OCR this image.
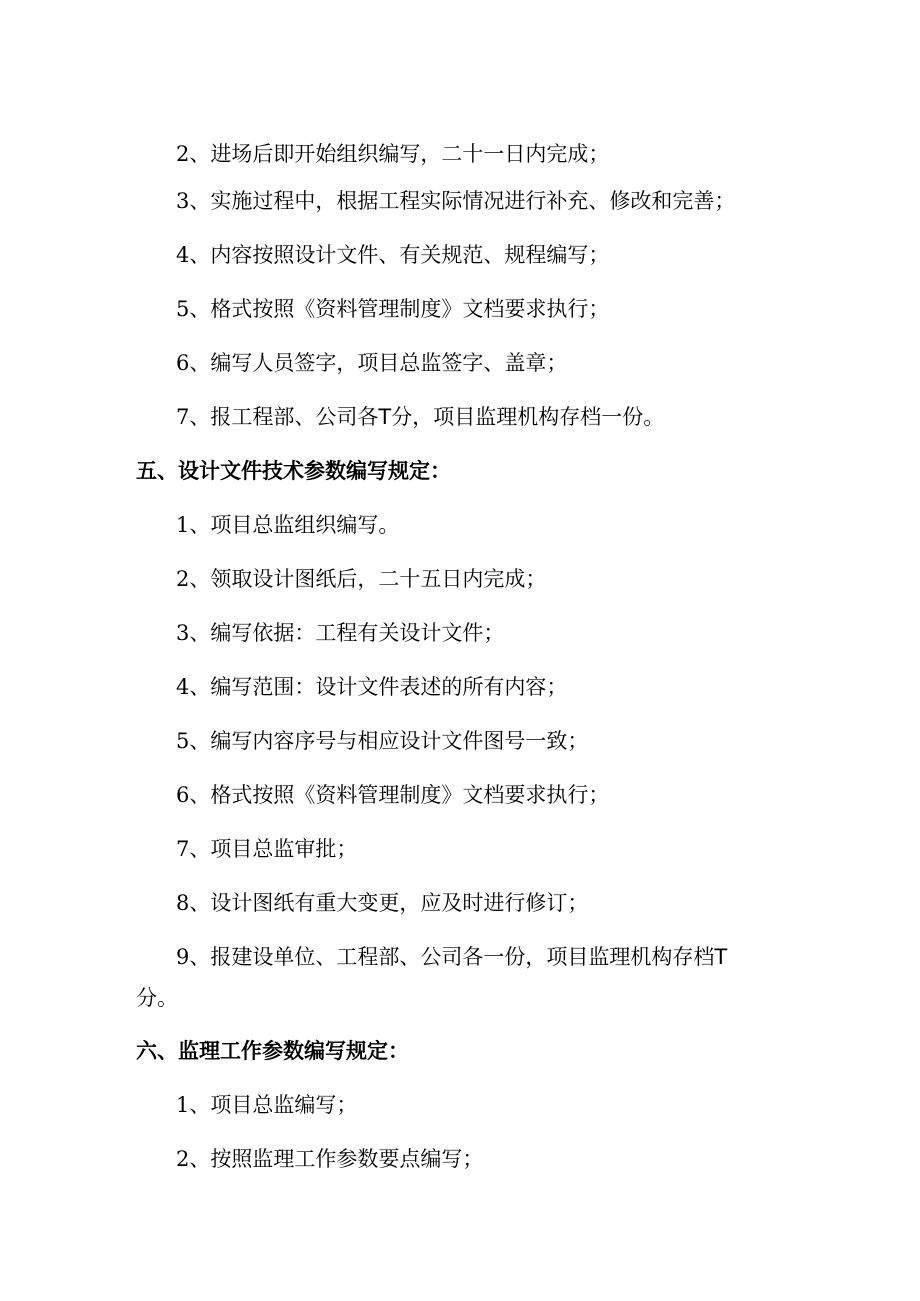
2、进场后即开始组织编写，二十一日内完成；
3、实施过程中，根据工程实际情况进行补充、修改和完善；
4、内容按照设计文件、有关规范、规程编写；
5、格式按照《资料管理制度》文档要求执行；
6、编写人员签字，项目总监签字、盖章；
7、报工程部、公司各T分，项目监理机构存档一份。
五、设计文件技术参数编写规定：
1、项目总监组织编写。
2、领取设计图纸后，二十五日内完成；
3、编写依据：工程有关设计文件；
4、编写范围：设计文件表述的所有内容；
5、编写内容序号与相应设计文件图号一致；
6、格式按照《资料管理制度》文档要求执行；
7、项目总监审批；
8、设计图纸有重大变更，应及时进行修订；
9、报建设单位、工程部、公司各一份，项目监理机构存档T
分。
六、监理工作参数编写规定：
1、项目总监编写；
2、按照监理工作参数要点编写；
